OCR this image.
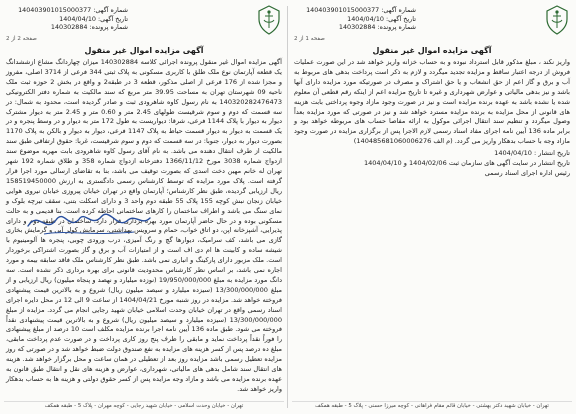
شماره آگهی: 140403901015000377
تاریخ آگهی: 1404/04/10
شماره پرونده: 140302884
صفحه 2 از 2
آگهی مزایده اموال غیر منقول
آگهی مزایده اموال غیر منقول پرونده اجرائی کلاسه 140302884 میزان چهاردانگ مشاع ازششدانگ یک قطعه آپارتمان نوع ملک طلق با کاربری مسکونی به پلاک ثبتی 344 فرعی از 3714 اصلی، مفروز و مجزا شده از 176 فرعی از اصلی مذکور، قطعه 3 در طبقه2 و واقع در بخش 2 حوزه ثبت ملک ناحیه 09 شهرستان تهران به مساحت 39.95 متر مربع که سند مالکیت به شماره دفتر الکترونیکی 140320282476473 به نام رسول کاوه شاهرودی ثبت و صادر گردیده است، محدود به شمال: در سه قسمت که دوم و سوم شرقیست طولهای 2.45 متر و 0.60 متر و 2.45 متر به دیوار مشترک دیوار به دیوار با پلاک 1144 فرعی، شرقا: دیواریست به طول 172 متر به دیوار و در وسط پنجره و در یک قسمت به دیوار به دیوار قسمت حیاط به پلاک 1147 فرعی، دیوار به دیوار و بالکن به پلاک 1170 بصورت دیوار به دیوار، جنوبا: در سه قسمت که دوم و سوم شرقیست، غربا: حقوق ارتفاقی طبق سند مالکیت از طرف انتقال دهنده می باشد. به نام آقای رسول کاوه شاهرودی بابت مهریه موضوع سند ازدواج شماره 3038 مورخ 1366/11/12 دفترخانه ازدواج شماره 358 و طلاق شماره 192 شهر تهران له خانم مهین دخت اسدی که بصورت توقیف می باشد، بنا به تقاضای ارسالی مورد اجرا قرار گرفته است. پلاک مورد مزایده که توسط کارشناس رسمی دادگستری به ارزش 158519450000 ریال ارزیابی گردیده، طبق نظر کارشناس؛ آپارتمان واقع در تهران خیابان پیروزی خیابان نیروی هوایی خیابان زنجان نبش کوچه 155 پلاک 55 طبقه دوم واحد 3 و دارای اسکلت بتنی، سقف تیرچه بلوک و نمای سنگ می باشد و اطراف ساختمان را کارهای ساختمانی احاطه کرده است. بنا قدیمی و به حالت مسکونی بوده و در حال حاضر آپارتمان مورد بهره برداری قرار دارد. ساختمان در طبقه دوم و دارای پذیرایی، آشپزخانه اپن، دو اتاق خواب، حمام و سرویس بهداشتی، سرمایش کولر آبی و گرمایش بخاری گازی می باشد، کف سرامیک، دیوارها گچ و رنگ آمیزی، درب ورودی چوبی، پنجره ها آلومینیوم با شیشه ساده و کابینت ها ام دی اف است و از امتیازات آب و برق و گاز بصورت اشتراکی برخوردار است. ملک مزبور دارای پارکینگ و انباری نمی باشد. طبق نظر کارشناس ملک فاقد سابقه بیمه و مورد اجاره نمی باشد، بر اساس نظر کارشناس محدودیت قانونی برای بهره برداری ذکر نشده است. سه دانگ مورد مزایده به مبلغ 19/950/000/000 (نوزده میلیارد و نهصد و پنجاه میلیون) ریال ارزیابی و از مبلغ 13/300/000/000 (سیزده میلیارد و سیصد میلیون ریال) شروع و به بالاترین قیمت پیشنهادی فروخته خواهد شد. مزایده در روز شنبه مورخ 1404/04/21 از ساعت 9 الی 12 در محل دایره اجرای اسناد رسمی واقع در تهران خیابان وحدت اسلامی خیابان شهید رجایی انجام می گردد. مزایده از مبلغ 13/300/000/000 (سیزده میلیارد و سیصد میلیون ریال) شروع و به بالاترین قیمت پیشنهادی نقداً فروخته می شود. طبق ماده 136 آیین نامه اجرا برنده مزایده مکلف است 10 درصد از مبلغ پیشنهادی را فوراً نقداً پرداخت نماید و مابقی را ظرف پنج روز کاری پرداخت و در صورت عدم پرداخت مابقی، مبلغ ده درصد پس از کسر هزینه های مزایده به نفع صندوق دولت ضبط خواهد شد و در صورتی که روز مزایده تعطیل رسمی باشد مزایده روز بعد از تعطیلی در همان ساعت و محل برگزار خواهد شد. هزینه های انتقال سند شامل بدهی های مالیاتی، شهرداری، عوارض و هزینه های نقل و انتقال طبق قانون به عهده برنده مزایده می باشد و مازاد وجه مزایده پس از کسر حقوق دولتی و هزینه ها به حساب بدهکار واریز خواهد شد.
تهران - خیابان وحدت اسلامی - خیابان شهید رجایی - کوچه مهران - پلاک 5 - طبقه همکف
شماره آگهی: 140403901015000377
تاریخ آگهی: 1404/04/10
شماره پرونده: 140302884
صفحه 1 از 2
آگهی مزایده اموال غیر منقول
واریز نکند ، مبلغ مذکور قابل استرداد نبوده و به حساب خزانه واریز خواهد شد در این صورت عملیات فروش از درجه اعتبار ساقط و مزایده تجدید میگردد و لازم به ذکر است پرداخت بدهی های مربوط به آب و برق و گاز اعم از حق انشعاب و یا حق اشتراک و مصرف در صورتیکه مورد مزایده دارای آنها باشد و نیز بدهی مالیاتی و عوارض شهرداری و غیره تا تاریخ مزایده اعم از اینکه رقم قطعی آن معلوم شده یا نشده باشد به عهده برنده مزایده است و نیز در صورت وجود مازاد وجوه پرداختی بابت هزینه های قانونی از محل مزایده به برنده مزایده مسترد خواهد شد و نیز در صورتی که مورد مزایده بعداً وصول میگردد و تنظیم سند انتقال اجرائی موکول به ارائه مفاصا حساب های مربوطه خواهد بود و برابر ماده 136 آیین نامه اجرای مفاد اسناد رسمی لازم الاجرا پس از برگزاری مزایده در صورت وجود مازاد وجه با حساب بدهکار واریز می گردد. (م الف 140485681060006276)
تاریخ انتشار : 1404/04/10
تاریخ انتشار در سایت آگهی های سازمان ثبت 1404/02/06 و 1404/04/10
رئیس اداره اجرای اسناد رسمی
تهران - خیابان شهید دکتر بهشتی - خیابان قائم مقام فراهانی - کوچه میرزا حسنی - پلاک 5 - طبقه همکف
